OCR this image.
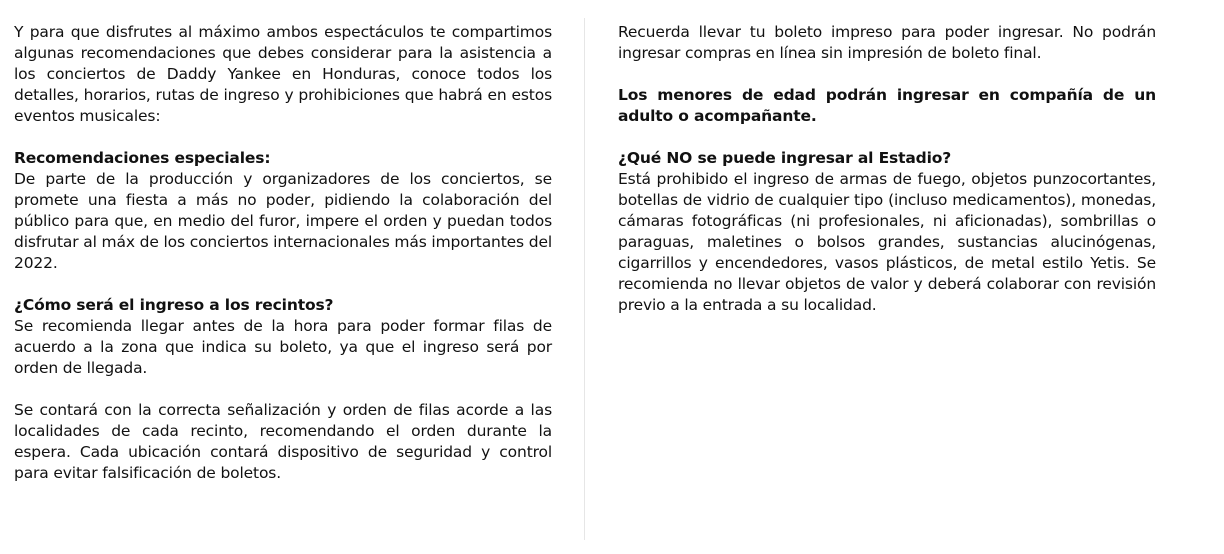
Y para que disfrutes al máximo ambos espectáculos te compartimos algunas recomendaciones que debes considerar para la asistencia a los conciertos de Daddy Yankee en Honduras, conoce todos los detalles, horarios, rutas de ingreso y prohibiciones que habrá en estos eventos musicales:

Recomendaciones especiales:
De parte de la producción y organizadores de los conciertos, se promete una fiesta a más no poder, pidiendo la colaboración del público para que, en medio del furor, impere el orden y puedan todos disfrutar al máx de los conciertos internacionales más importantes del 2022.

¿Cómo será el ingreso a los recintos?
Se recomienda llegar antes de la hora para poder formar filas de acuerdo a la zona que indica su boleto, ya que el ingreso será por orden de llegada.

Se contará con la correcta señalización y orden de filas acorde a las localidades de cada recinto, recomendando el orden durante la espera. Cada ubicación contará dispositivo de seguridad y control para evitar falsificación de boletos.

Recuerda llevar tu boleto impreso para poder ingresar. No podrán ingresar compras en línea sin impresión de boleto final.

Los menores de edad podrán ingresar en compañía de un adulto o acompañante.

¿Qué NO se puede ingresar al Estadio?
Está prohibido el ingreso de armas de fuego, objetos punzocortantes, botellas de vidrio de cualquier tipo (incluso medicamentos), monedas, cámaras fotográficas (ni profesionales, ni aficionadas), sombrillas o paraguas, maletines o bolsos grandes, sustancias alucinógenas, cigarrillos y encendedores, vasos plásticos, de metal estilo Yetis. Se recomienda no llevar objetos de valor y deberá colaborar con revisión previo a la entrada a su localidad.
